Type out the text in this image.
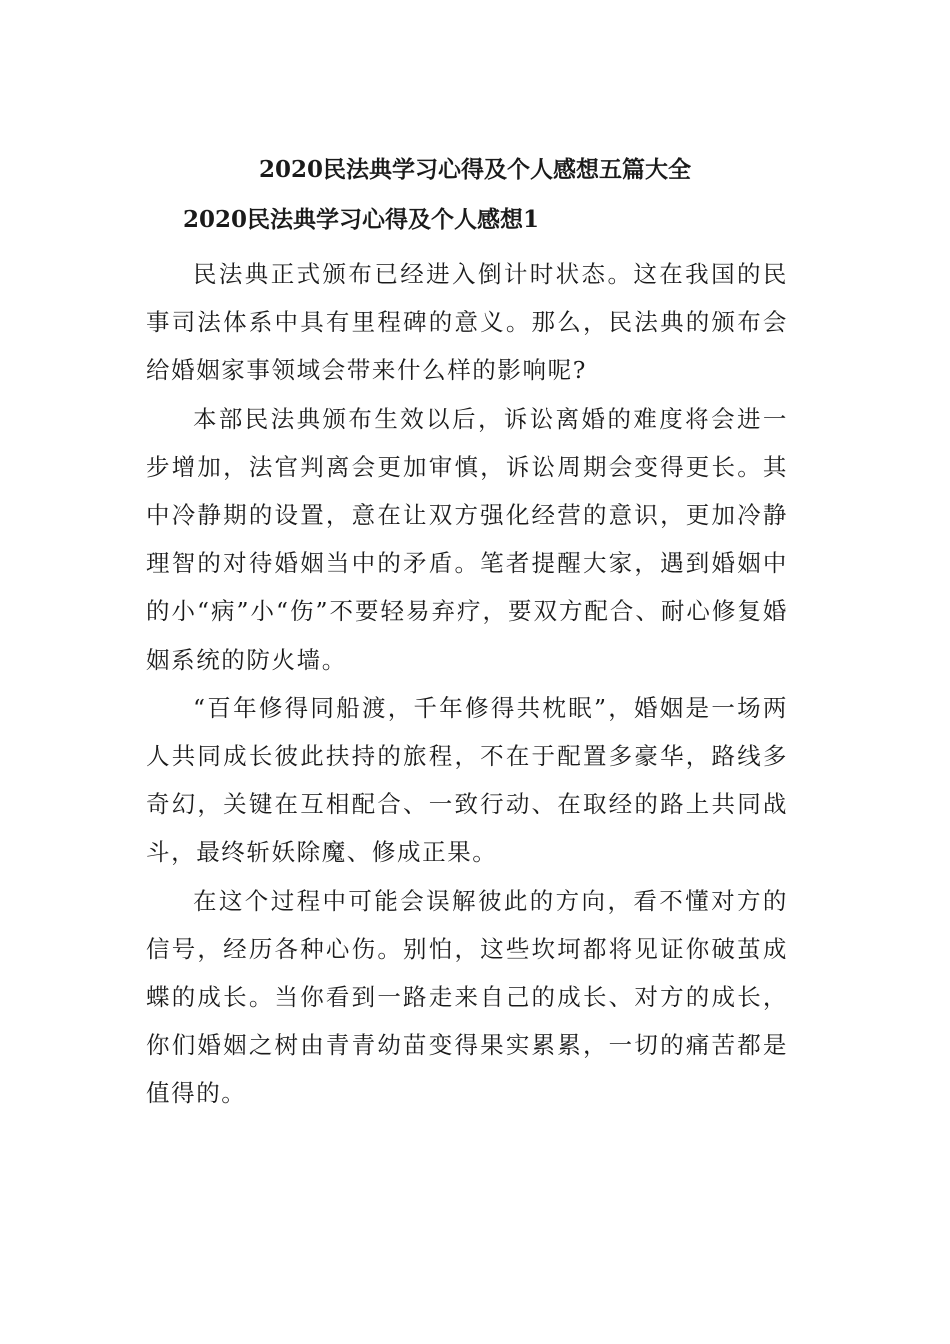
2020民法典学习心得及个人感想五篇大全
2020民法典学习心得及个人感想1

民法典正式颁布已经进入倒计时状态。这在我国的民事司法体系中具有里程碑的意义。那么，民法典的颁布会给婚姻家事领域会带来什么样的影响呢?

本部民法典颁布生效以后，诉讼离婚的难度将会进一步增加，法官判离会更加审慎，诉讼周期会变得更长。其中冷静期的设置，意在让双方强化经营的意识，更加冷静理智的对待婚姻当中的矛盾。笔者提醒大家，遇到婚姻中的小“病”小“伤”不要轻易弃疗，要双方配合、耐心修复婚姻系统的防火墙。

“百年修得同船渡，千年修得共枕眠”，婚姻是一场两人共同成长彼此扶持的旅程，不在于配置多豪华，路线多奇幻，关键在互相配合、一致行动、在取经的路上共同战斗，最终斩妖除魔、修成正果。

在这个过程中可能会误解彼此的方向，看不懂对方的信号，经历各种心伤。别怕，这些坎坷都将见证你破茧成蝶的成长。当你看到一路走来自己的成长、对方的成长，你们婚姻之树由青青幼苗变得果实累累，一切的痛苦都是值得的。
